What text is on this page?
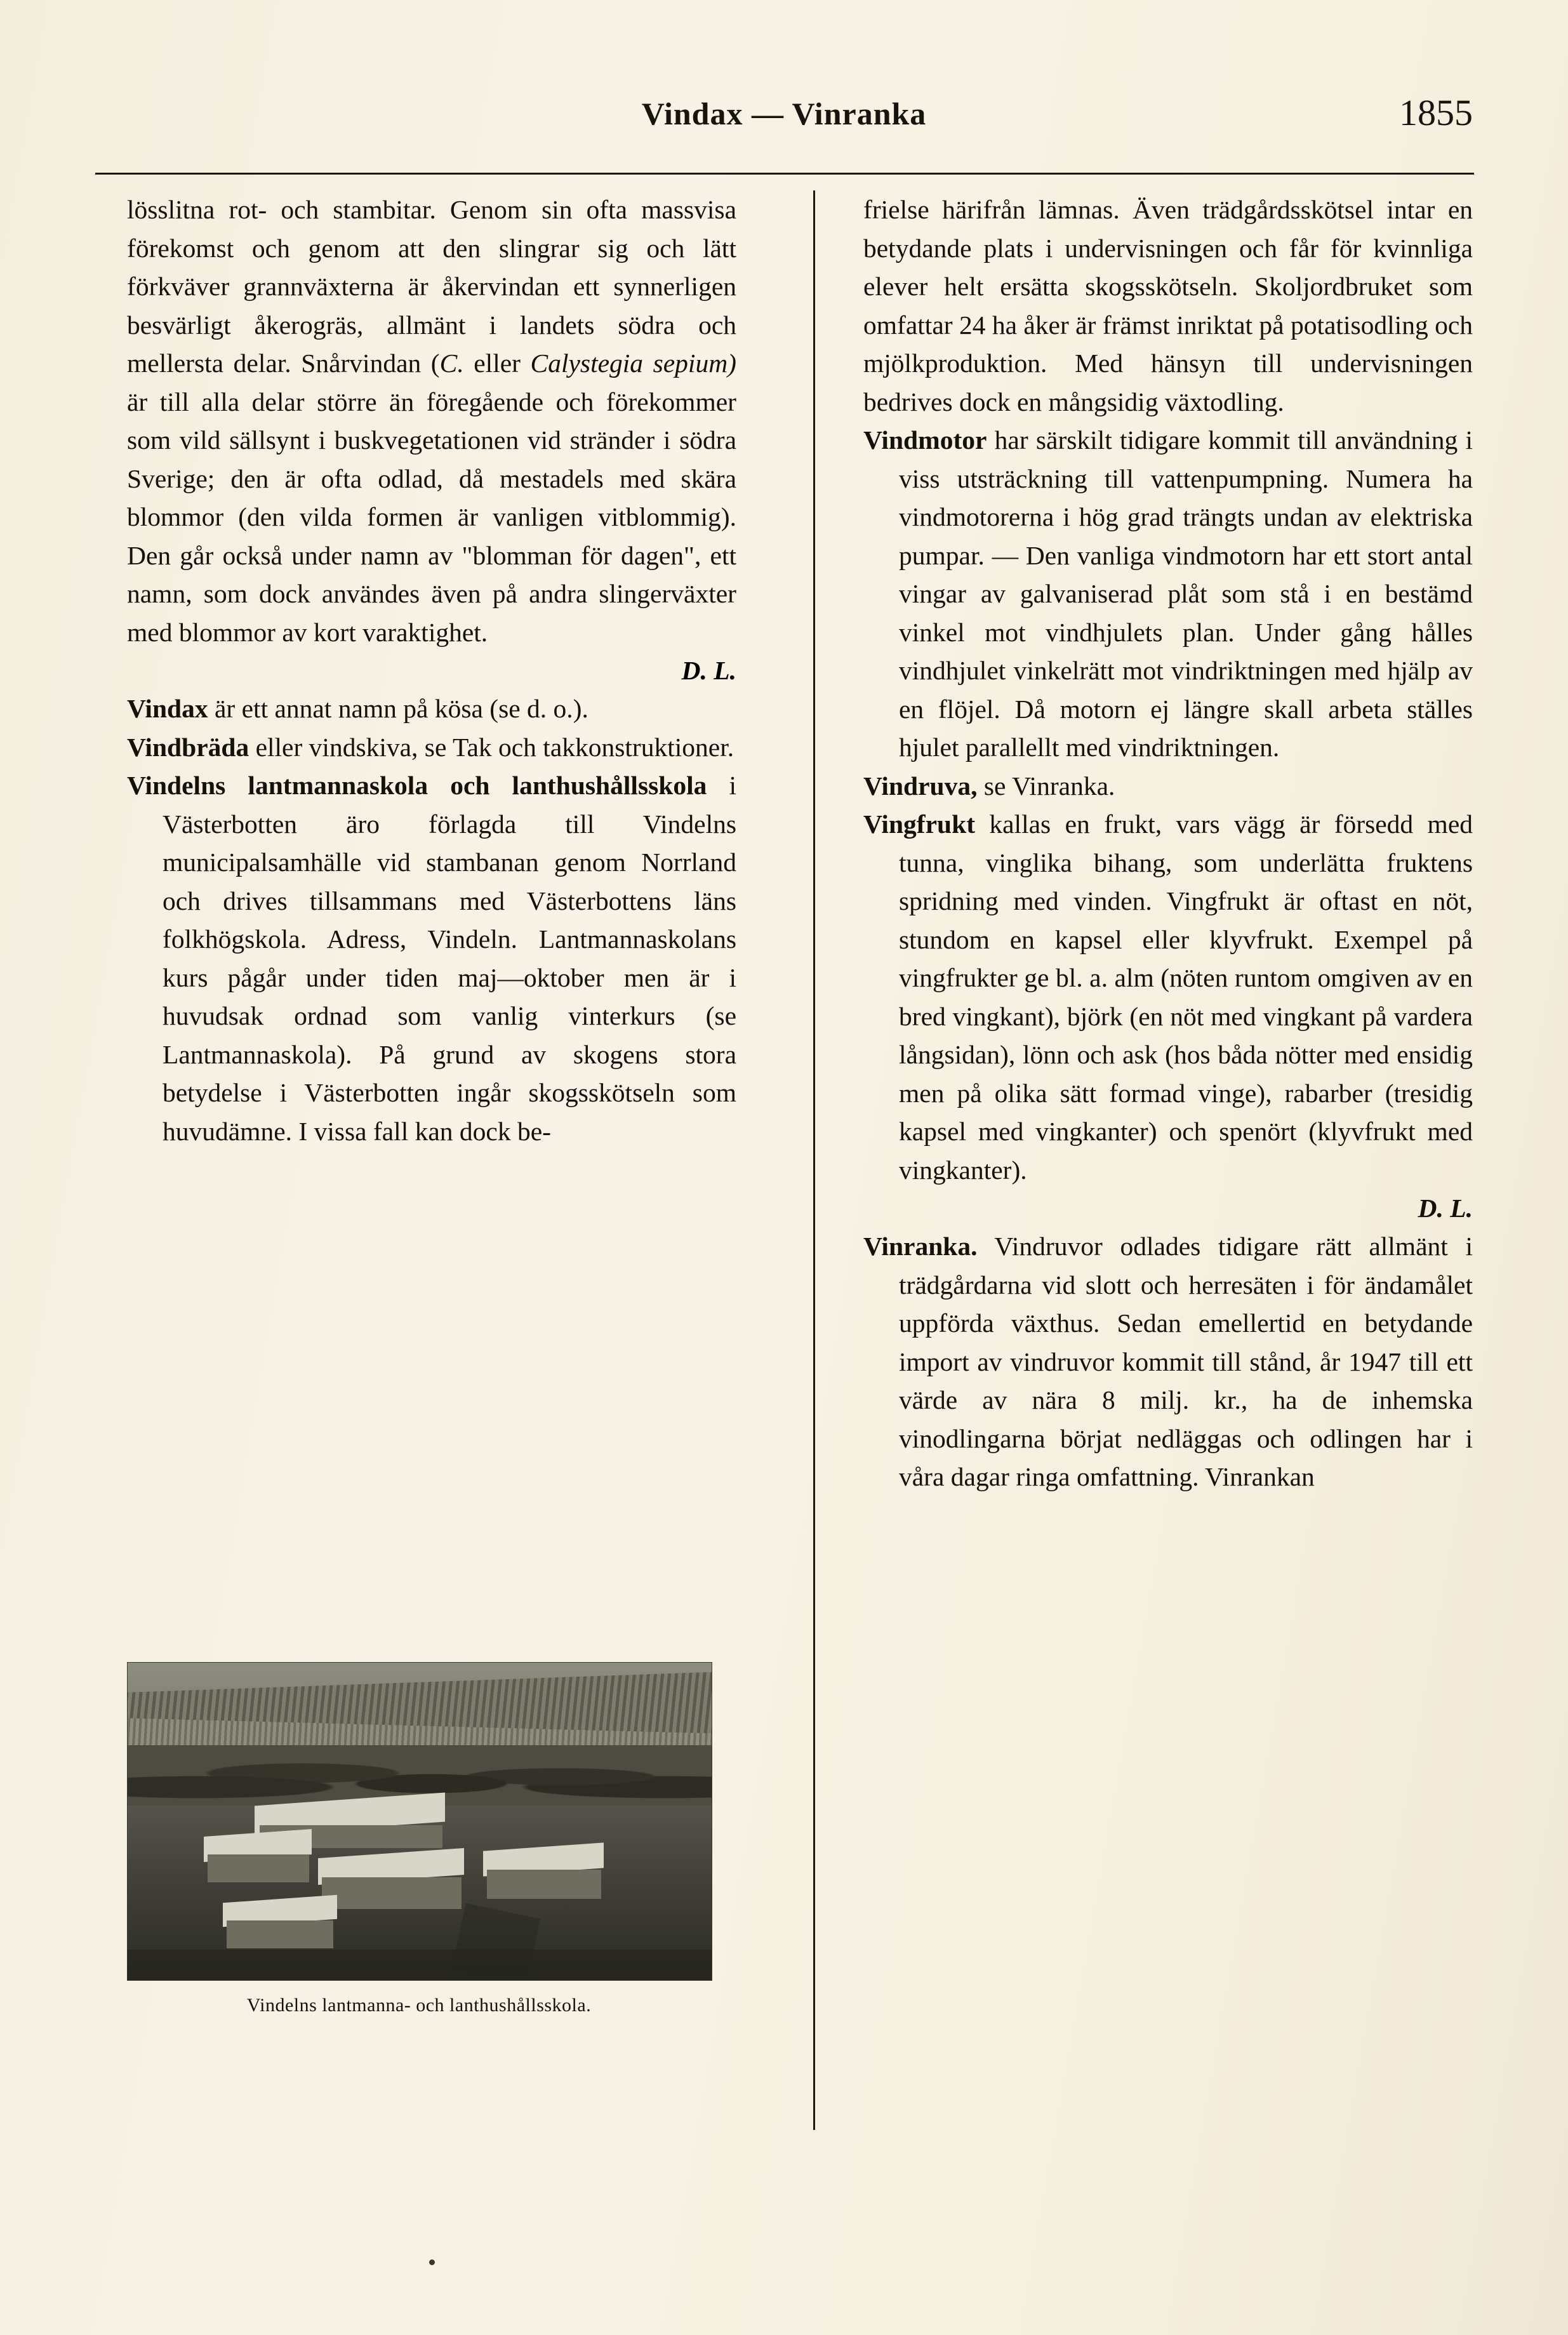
Vindax — Vinranka	1855

lösslitna rot- och stambitar. Genom sin ofta massvisa förekomst och genom att den slingrar sig och lätt förkväver grannväxterna är åkervindan ett synnerligen besvärligt åkerogräs, allmänt i landets södra och mellersta delar. Snårvindan (C. eller Calystegia sepium) är till alla delar större än föregående och förekommer som vild sällsynt i buskvegetationen vid stränder i södra Sverige; den är ofta odlad, då mestadels med skära blommor (den vilda formen är vanligen vitblommig). Den går också under namn av "blomman för dagen", ett namn, som dock användes även på andra slingerväxter med blommor av kort varaktighet.

D. L.

Vindax är ett annat namn på kösa (se d. o.).

Vindbräda eller vindskiva, se Tak och takkonstruktioner.

Vindelns lantmannaskola och lanthushållsskola i Västerbotten äro förlagda till Vindelns municipalsamhälle vid stambanan genom Norrland och drives tillsammans med Västerbottens läns folkhögskola. Adress, Vindeln. Lantmannaskolans kurs pågår under tiden maj—oktober men är i huvudsak ordnad som vanlig vinterkurs (se Lantmannaskola). På grund av skogens stora betydelse i Västerbotten ingår skogsskötseln som huvudämne. I vissa fall kan dock be-

frielse härifrån lämnas. Även trädgårdsskötsel intar en betydande plats i undervisningen och får för kvinnliga elever helt ersätta skogsskötseln. Skoljordbruket som omfattar 24 ha åker är främst inriktat på potatisodling och mjölkproduktion. Med hänsyn till undervisningen bedrives dock en mångsidig växtodling.

Vindmotor har särskilt tidigare kommit till användning i viss utsträckning till vattenpumpning. Numera ha vindmotorerna i hög grad trängts undan av elektriska pumpar. — Den vanliga vindmotorn har ett stort antal vingar av galvaniserad plåt som stå i en bestämd vinkel mot vindhjulets plan. Under gång hålles vindhjulet vinkelrätt mot vindriktningen med hjälp av en flöjel. Då motorn ej längre skall arbeta ställes hjulet parallellt med vindriktningen.

Vindruva, se Vinranka.

Vingfrukt kallas en frukt, vars vägg är försedd med tunna, vinglika bihang, som underlätta fruktens spridning med vinden. Vingfrukt är oftast en nöt, stundom en kapsel eller klyvfrukt. Exempel på vingfrukter ge bl. a. alm (nöten runtom omgiven av en bred vingkant), björk (en nöt med vingkant på vardera långsidan), lönn och ask (hos båda nötter med ensidig men på olika sätt formad vinge), rabarber (tresidig kapsel med vingkanter) och spenört (klyvfrukt med vingkanter).
D. L.

Vinranka. Vindruvor odlades tidigare rätt allmänt i trädgårdarna vid slott och herresäten i för ändamålet uppförda växthus. Sedan emellertid en betydande import av vindruvor kommit till stånd, år 1947 till ett värde av nära 8 milj. kr., ha de inhemska vinodlingarna börjat nedläggas och odlingen har i våra dagar ringa omfattning. Vinrankan

Vindelns lantmanna- och lanthushållsskola.
